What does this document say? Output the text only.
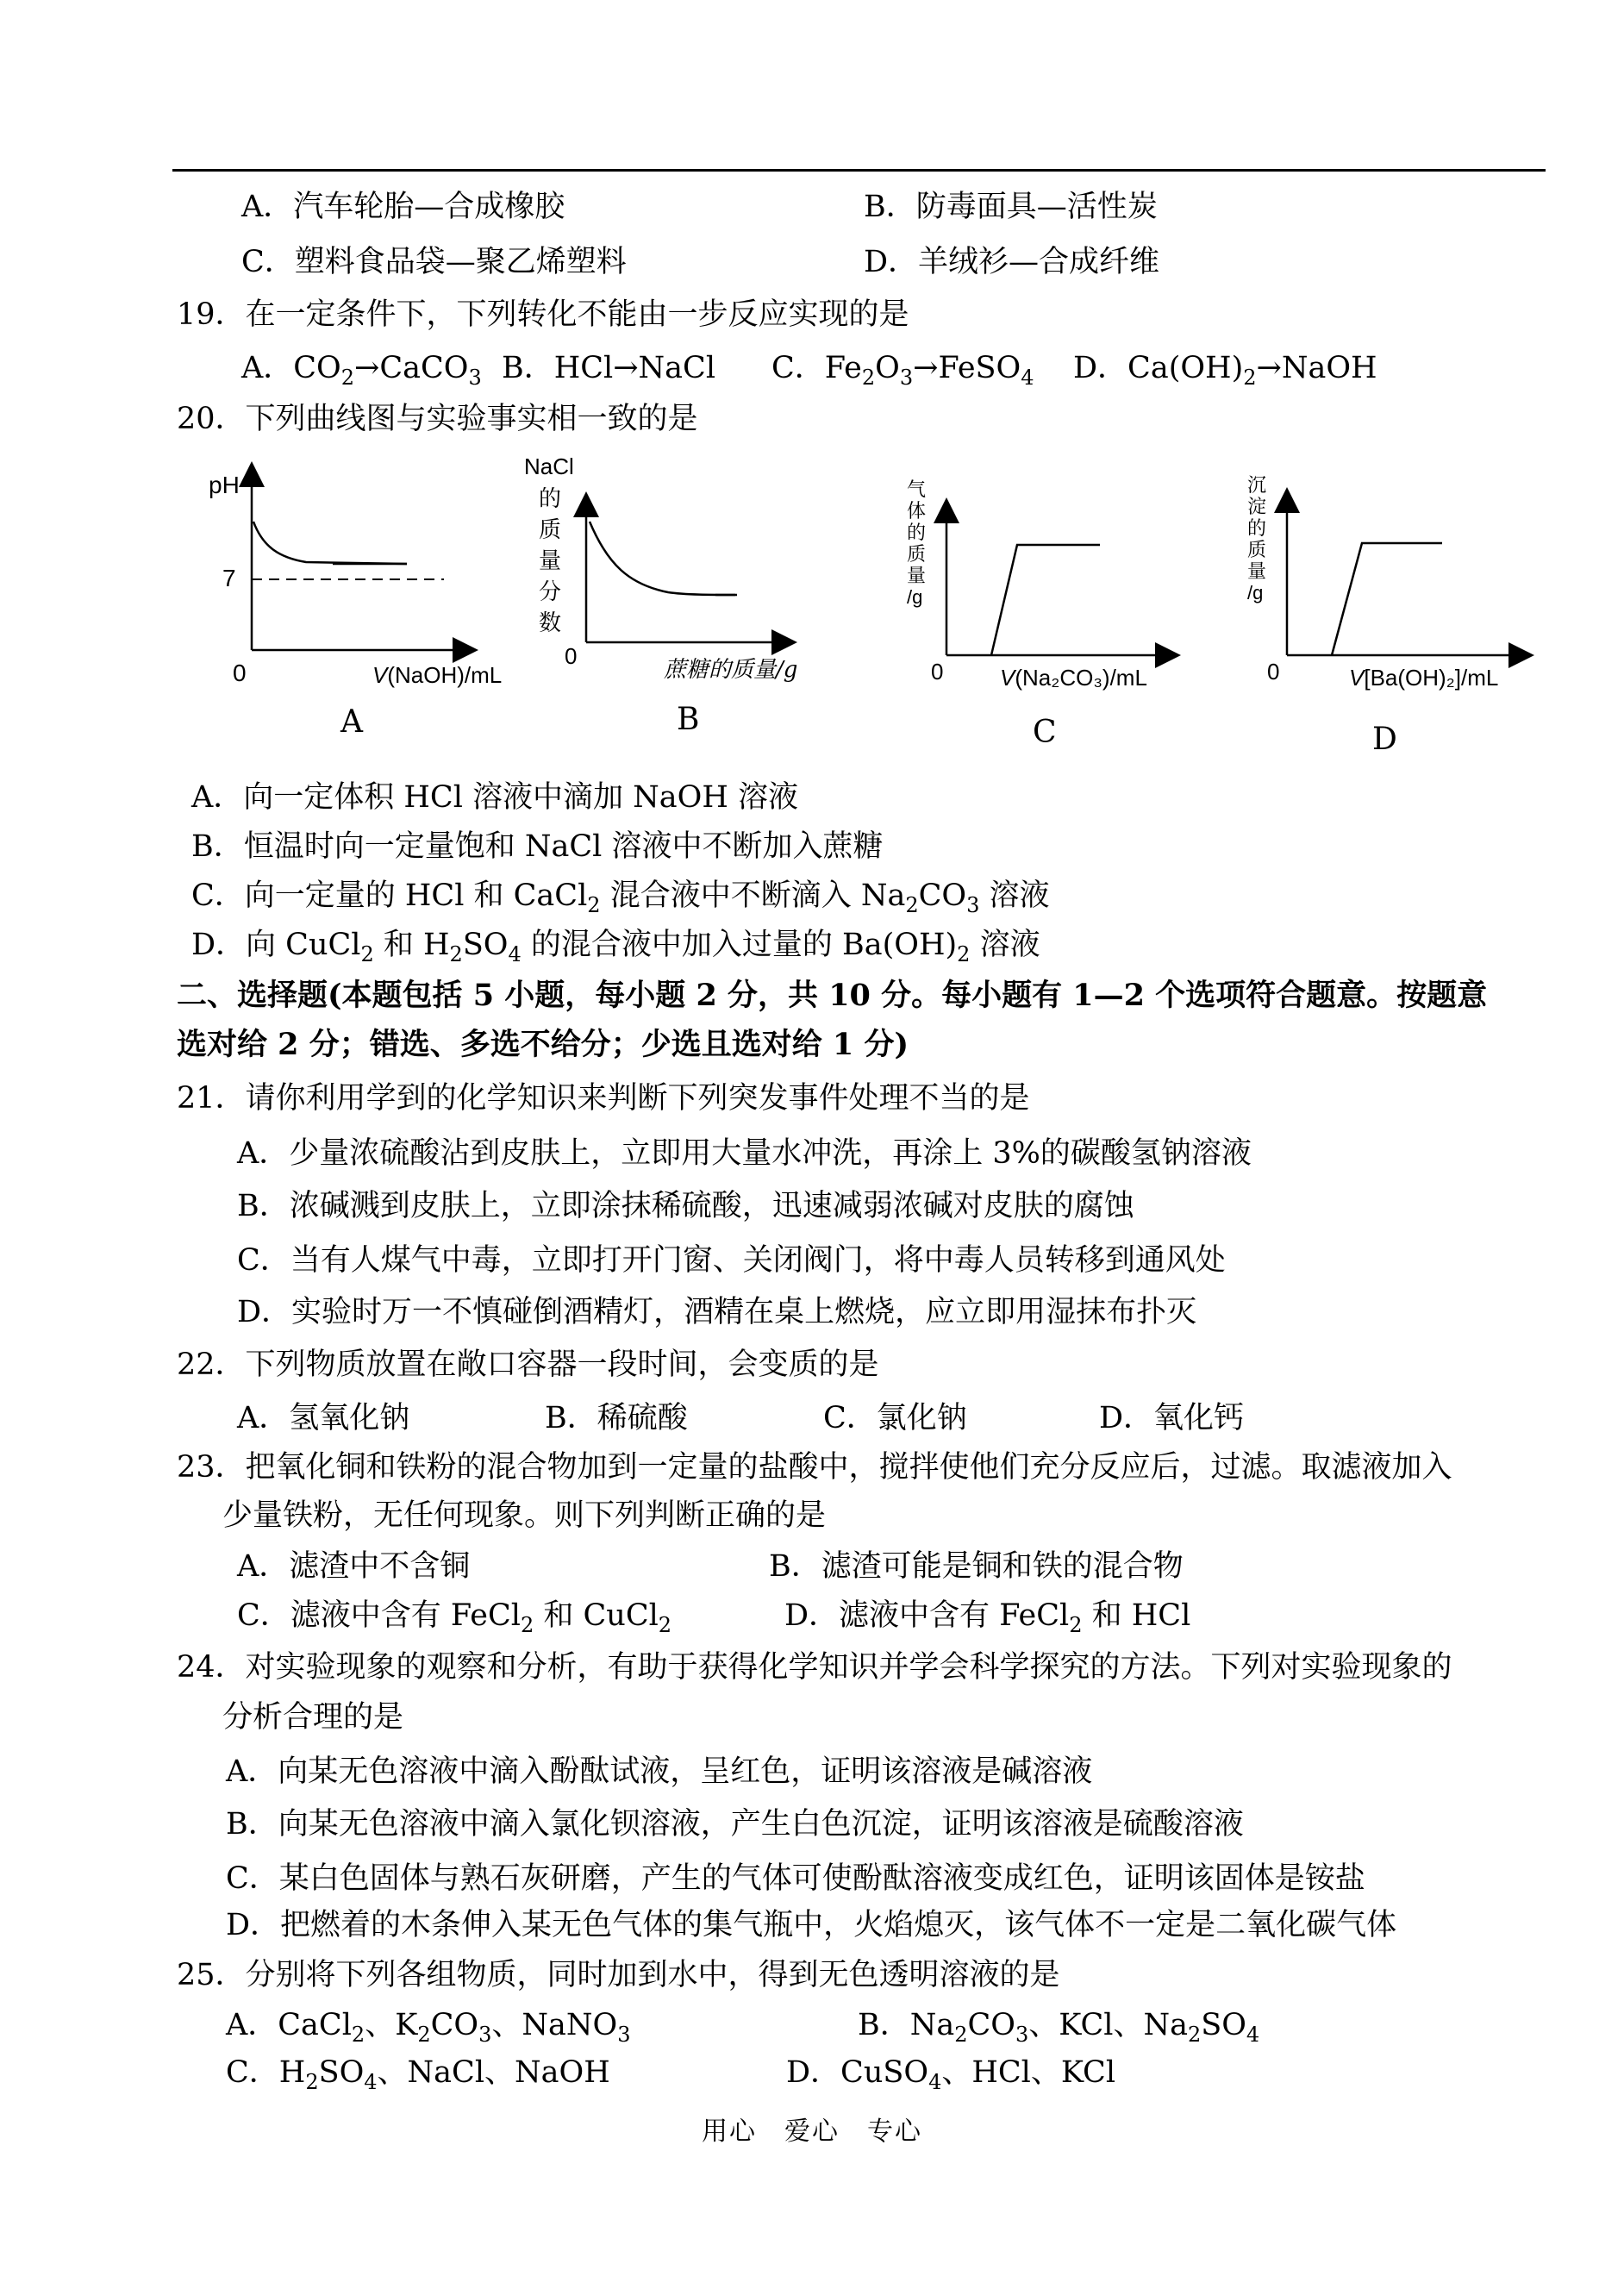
A．汽车轮胎—合成橡胶	B．防毒面具—活性炭
C．塑料食品袋—聚乙烯塑料	D．羊绒衫—合成纤维
19．在一定条件下，下列转化不能由一步反应实现的是
A．$CO_2\to CaCO_3$ B．HCl→NaCl C．$Fe_2O_3\to FeSO_4$ D．$Ca(OH)_2\to NaOH$
20．下列曲线图与实验事实相一致的是
pH
7
0	V(NaOH)/mL
A
NaCl
的
质
量
分
数
0
蔗糖的质量/g
B
气
体
的
质
量
/g
0	V(Na₂CO₃)/mL
C
沉
淀
的
质
量
/g
0	V[Ba(OH)₂]/mL
D
A．向一定体积 HCl 溶液中滴加 NaOH 溶液
B．恒温时向一定量饱和 NaCl 溶液中不断加入蔗糖
C．向一定量的 HCl 和 CaCl$_2$ 混合液中不断滴入 $Na_2CO_3$ 溶液
D．向 CuCl$_2$ 和 $H_2SO_4$ 的混合液中加入过量的 $Ba(OH)_2$ 溶液
二、选择题(本题包括 5 小题，每小题 2 分，共 10 分。每小题有 1—2 个选项符合题意。按题意
选对给 2 分；错选、多选不给分；少选且选对给 1 分)
21．请你利用学到的化学知识来判断下列突发事件处理不当的是
A．少量浓硫酸沾到皮肤上，立即用大量水冲洗，再涂上 3%的碳酸氢钠溶液
B．浓碱溅到皮肤上，立即涂抹稀硫酸，迅速减弱浓碱对皮肤的腐蚀
C．当有人煤气中毒，立即打开门窗、关闭阀门，将中毒人员转移到通风处
D．实验时万一不慎碰倒酒精灯，酒精在桌上燃烧，应立即用湿抹布扑灭
22．下列物质放置在敞口容器一段时间，会变质的是
A．氢氧化钠	B．稀硫酸	C．氯化钠	D．氧化钙
23．把氧化铜和铁粉的混合物加到一定量的盐酸中，搅拌使他们充分反应后，过滤。取滤液加入
少量铁粉，无任何现象。则下列判断正确的是
A．滤渣中不含铜	B．滤渣可能是铜和铁的混合物
C．滤液中含有 FeCl$_2$ 和 CuCl$_2$	D．滤液中含有 FeCl$_2$ 和 HCl
24．对实验现象的观察和分析，有助于获得化学知识并学会科学探究的方法。下列对实验现象的
分析合理的是
A．向某无色溶液中滴入酚酞试液，呈红色，证明该溶液是碱溶液
B．向某无色溶液中滴入氯化钡溶液，产生白色沉淀，证明该溶液是硫酸溶液
C．某白色固体与熟石灰研磨，产生的气体可使酚酞溶液变成红色，证明该固体是铵盐
D．把燃着的木条伸入某无色气体的集气瓶中，火焰熄灭，该气体不一定是二氧化碳气体
25．分别将下列各组物质，同时加到水中，得到无色透明溶液的是
A．CaCl$_2$、$K_2CO_3$、NaNO$_3$	B．$Na_2CO_3$、KCl、$Na_2SO_4$
C．$H_2SO_4$、NaCl、NaOH	D．CuSO$_4$、HCl、KCl
用心　爱心　专心
